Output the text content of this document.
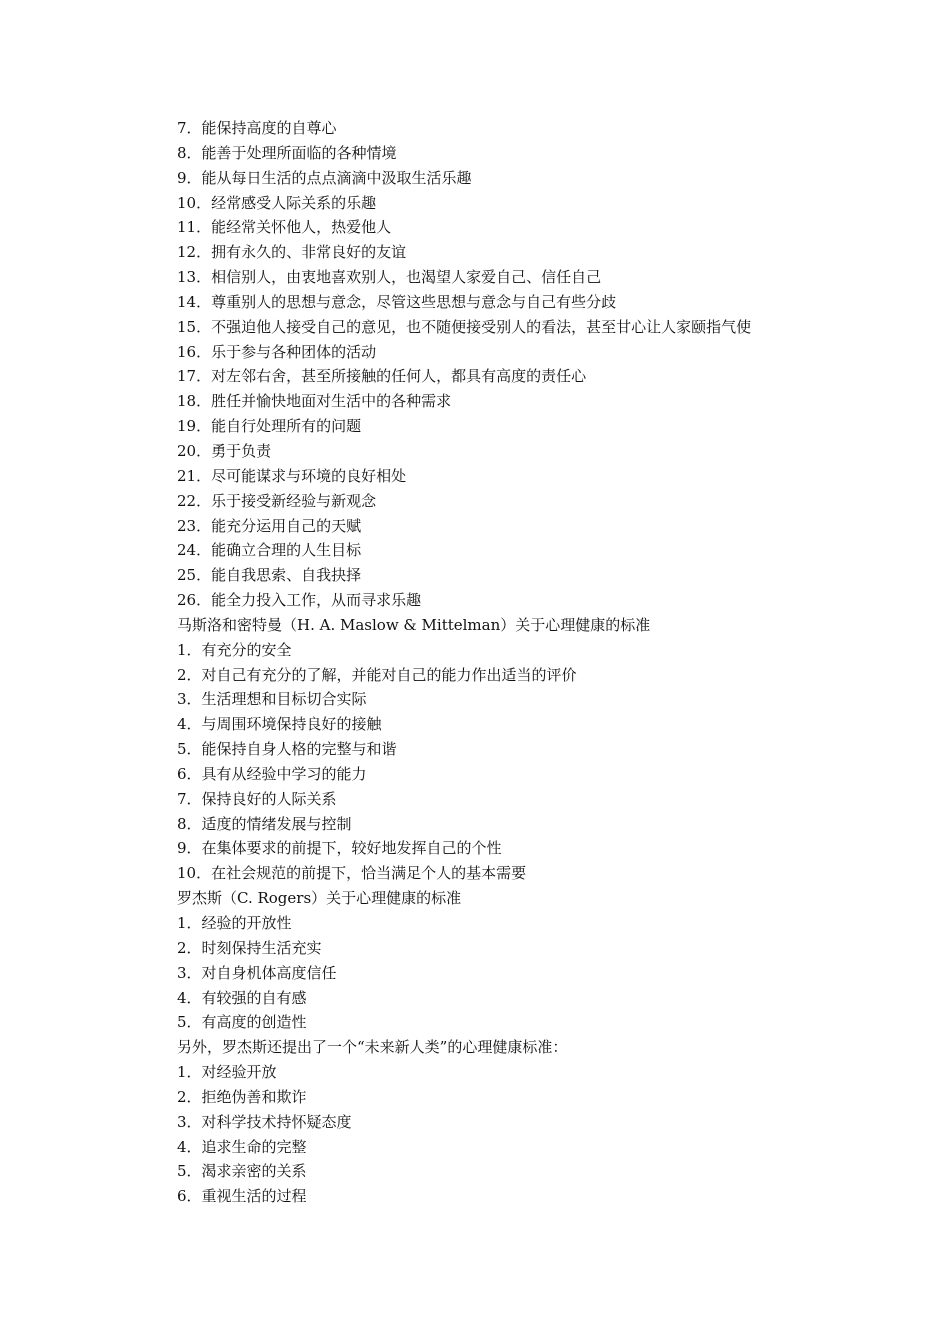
7．能保持高度的自尊心
8．能善于处理所面临的各种情境
9．能从每日生活的点点滴滴中汲取生活乐趣
10．经常感受人际关系的乐趣
11．能经常关怀他人，热爱他人
12．拥有永久的、非常良好的友谊
13．相信别人，由衷地喜欢别人，也渴望人家爱自己、信任自己
14．尊重别人的思想与意念，尽管这些思想与意念与自己有些分歧
15．不强迫他人接受自己的意见，也不随便接受别人的看法，甚至甘心让人家颐指气使
16．乐于参与各种团体的活动
17．对左邻右舍，甚至所接触的任何人，都具有高度的责任心
18．胜任并愉快地面对生活中的各种需求
19．能自行处理所有的问题
20．勇于负责
21．尽可能谋求与环境的良好相处
22．乐于接受新经验与新观念
23．能充分运用自己的天赋
24．能确立合理的人生目标
25．能自我思索、自我抉择
26．能全力投入工作，从而寻求乐趣
马斯洛和密特曼（H. A. Maslow & Mittelman）关于心理健康的标准
1．有充分的安全
2．对自己有充分的了解，并能对自己的能力作出适当的评价
3．生活理想和目标切合实际
4．与周围环境保持良好的接触
5．能保持自身人格的完整与和谐
6．具有从经验中学习的能力
7．保持良好的人际关系
8．适度的情绪发展与控制
9．在集体要求的前提下，较好地发挥自己的个性
10．在社会规范的前提下，恰当满足个人的基本需要
罗杰斯（C. Rogers）关于心理健康的标准
1．经验的开放性
2．时刻保持生活充实
3．对自身机体高度信任
4．有较强的自有感
5．有高度的创造性
另外，罗杰斯还提出了一个“未来新人类”的心理健康标准：
1．对经验开放
2．拒绝伪善和欺诈
3．对科学技术持怀疑态度
4．追求生命的完整
5．渴求亲密的关系
6．重视生活的过程
